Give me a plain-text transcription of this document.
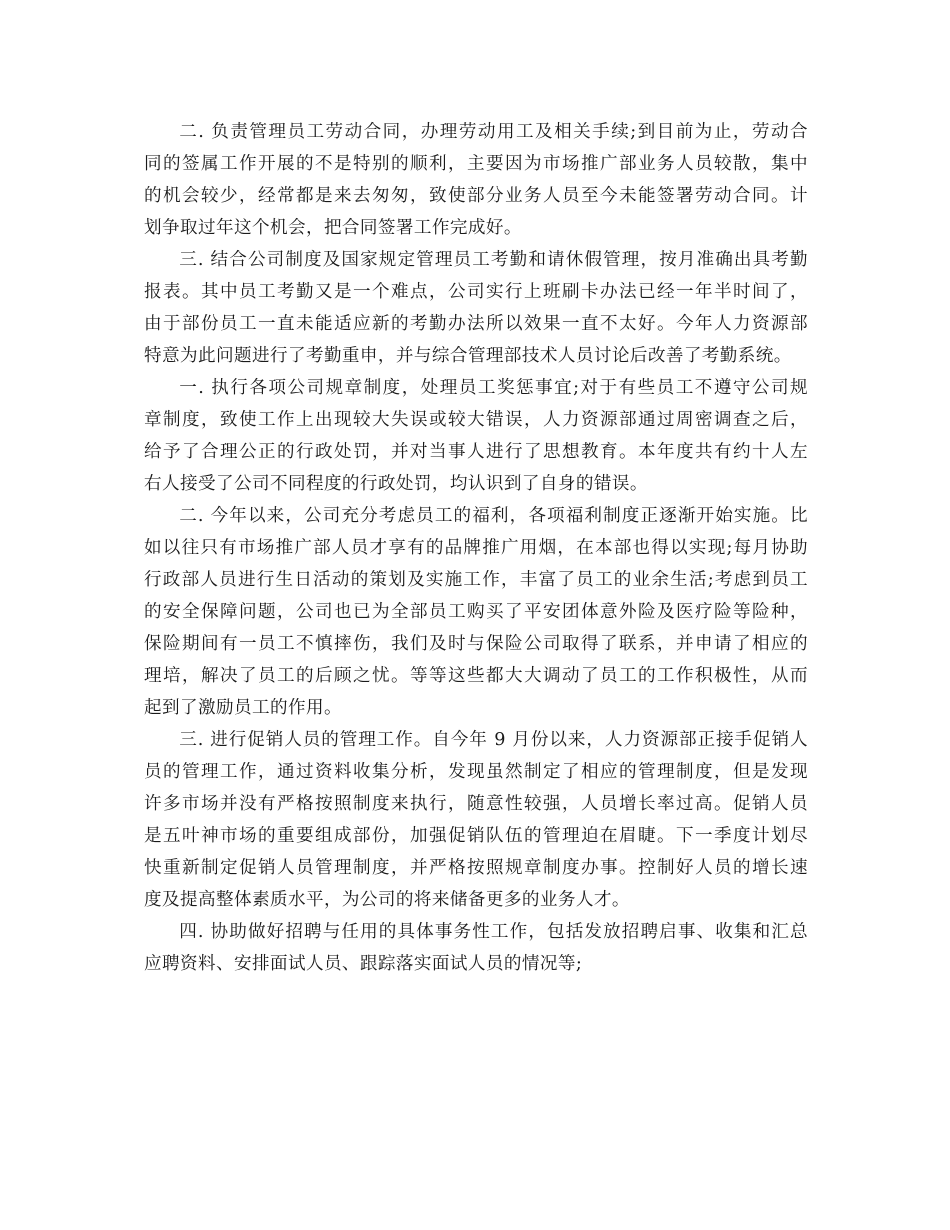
二. 负责管理员工劳动合同，办理劳动用工及相关手续;到目前为止，劳动合
同的签属工作开展的不是特别的顺利，主要因为市场推广部业务人员较散，集中
的机会较少，经常都是来去匆匆，致使部分业务人员至今未能签署劳动合同。计
划争取过年这个机会，把合同签署工作完成好。
三. 结合公司制度及国家规定管理员工考勤和请休假管理，按月准确出具考勤
报表。其中员工考勤又是一个难点，公司实行上班刷卡办法已经一年半时间了，
由于部份员工一直未能适应新的考勤办法所以效果一直不太好。今年人力资源部
特意为此问题进行了考勤重申，并与综合管理部技术人员讨论后改善了考勤系统。
一. 执行各项公司规章制度，处理员工奖惩事宜;对于有些员工不遵守公司规
章制度，致使工作上出现较大失误或较大错误，人力资源部通过周密调查之后，
给予了合理公正的行政处罚，并对当事人进行了思想教育。本年度共有约十人左
右人接受了公司不同程度的行政处罚，均认识到了自身的错误。
二. 今年以来，公司充分考虑员工的福利，各项福利制度正逐渐开始实施。比
如以往只有市场推广部人员才享有的品牌推广用烟，在本部也得以实现;每月协助
行政部人员进行生日活动的策划及实施工作，丰富了员工的业余生活;考虑到员工
的安全保障问题，公司也已为全部员工购买了平安团体意外险及医疗险等险种，
保险期间有一员工不慎摔伤，我们及时与保险公司取得了联系，并申请了相应的
理培，解决了员工的后顾之忧。等等这些都大大调动了员工的工作积极性，从而
起到了激励员工的作用。
三. 进行促销人员的管理工作。自今年 9 月份以来，人力资源部正接手促销人
员的管理工作，通过资料收集分析，发现虽然制定了相应的管理制度，但是发现
许多市场并没有严格按照制度来执行，随意性较强，人员增长率过高。促销人员
是五叶神市场的重要组成部份，加强促销队伍的管理迫在眉睫。下一季度计划尽
快重新制定促销人员管理制度，并严格按照规章制度办事。控制好人员的增长速
度及提高整体素质水平，为公司的将来储备更多的业务人才。
四. 协助做好招聘与任用的具体事务性工作，包括发放招聘启事、收集和汇总
应聘资料、安排面试人员、跟踪落实面试人员的情况等;
